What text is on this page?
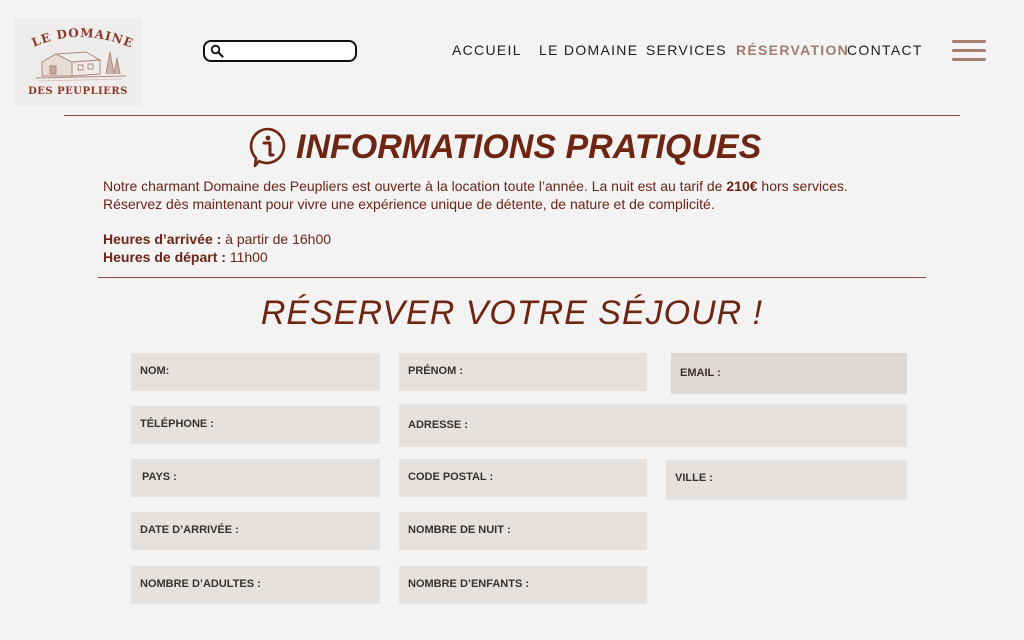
LE DOMAINE
DES PEUPLIERS
ACCUEIL LE DOMAINE SERVICES RÉSERVATION
CONTACT
INFORMATIONS PRATIQUES
Notre charmant Domaine des Peupliers est ouverte à la location toute l’année. La nuit est au tarif de 210€ hors services.
Réservez dès maintenant pour vivre une expérience unique de détente, de nature et de complicité.
Heures d’arrivée : à partir de 16h00
Heures de départ : 11h00
RÉSERVER VOTRE SÉJOUR !
NOM:	PRÉNOM :	EMAIL :
TÉLÉPHONE :	ADRESSE :
PAYS :	CODE POSTAL :	VILLE :
DATE D’ARRIVÉE :	NOMBRE DE NUIT :
NOMBRE D’ADULTES :	NOMBRE D’ENFANTS :
